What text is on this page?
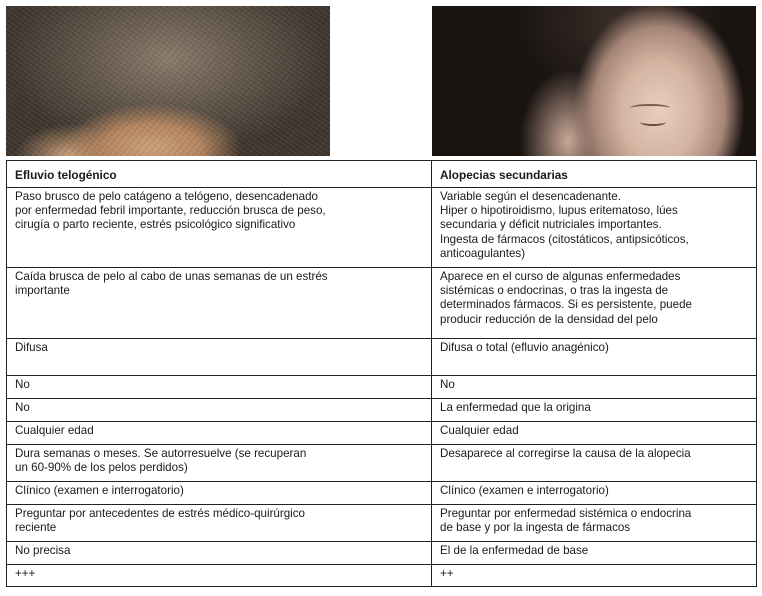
Efluvio telogénico	Alopecias secundarias
Paso brusco de pelo catágeno a telógeno, desencadenado
por enfermedad febril importante, reducción brusca de peso,
cirugía o parto reciente, estrés psicológico significativo	Variable según el desencadenante.
Hiper o hipotiroidismo, lupus eritematoso, lúes
secundaria y déficit nutriciales importantes.
Ingesta de fármacos (citostáticos, antipsicóticos,
anticoagulantes)
Caída brusca de pelo al cabo de unas semanas de un estrés
importante	Aparece en el curso de algunas enfermedades
sistémicas o endocrinas, o tras la ingesta de
determinados fármacos. Si es persistente, puede
producir reducción de la densidad del pelo
Difusa	Difusa o total (efluvio anagénico)
No	No
No	La enfermedad que la origina
Cualquier edad	Cualquier edad
Dura semanas o meses. Se autorresuelve (se recuperan
un 60-90% de los pelos perdidos)	Desaparece al corregirse la causa de la alopecia
Clínico (examen e interrogatorio)	Clínico (examen e interrogatorio)
Preguntar por antecedentes de estrés médico-quirúrgico
reciente	Preguntar por enfermedad sistémica o endocrina
de base y por la ingesta de fármacos
No precisa	El de la enfermedad de base
+++	++
